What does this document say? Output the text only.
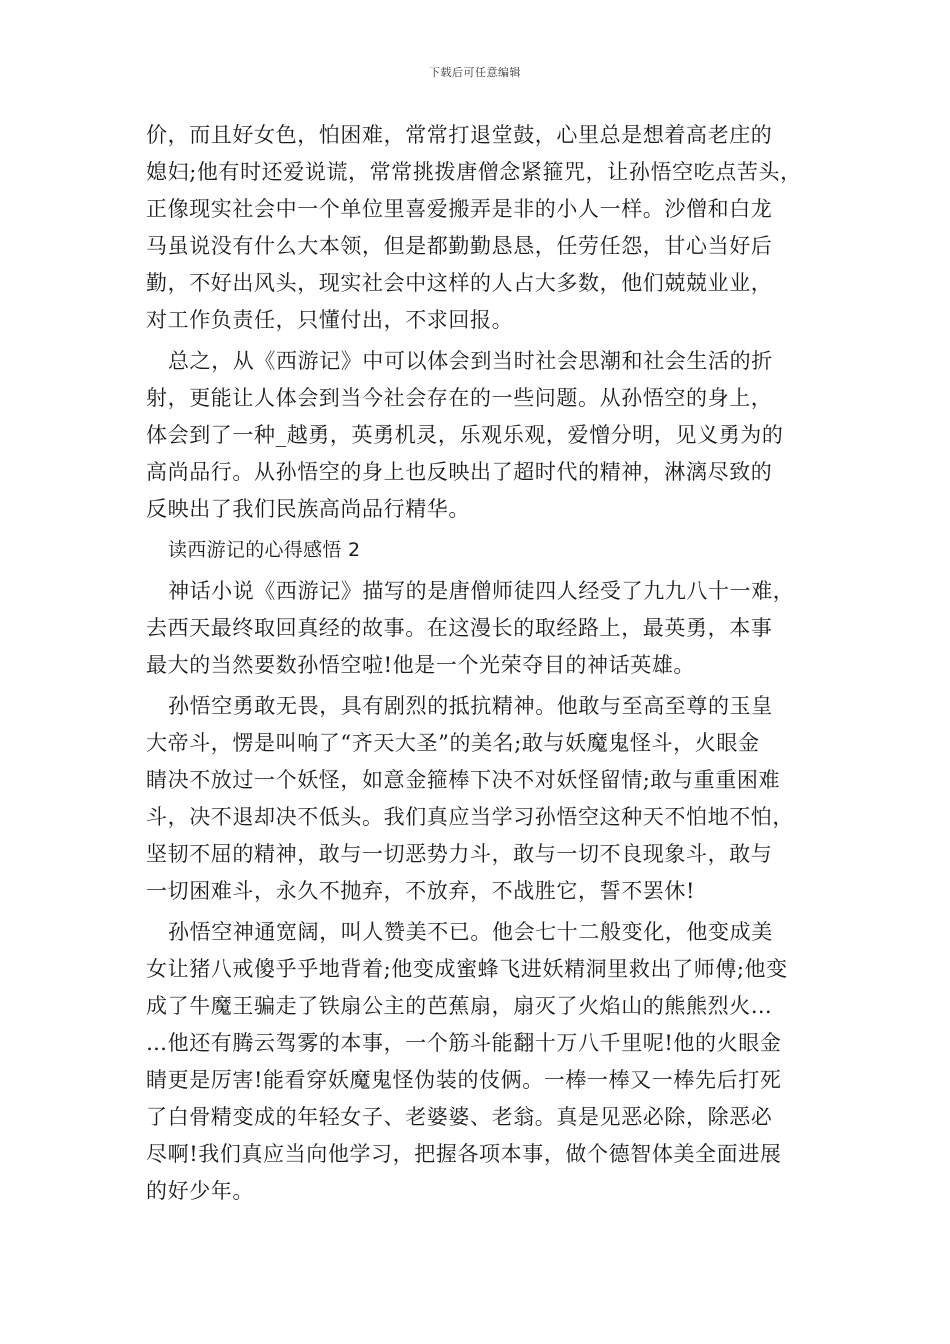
下载后可任意编辑
价，而且好女色，怕困难，常常打退堂鼓，心里总是想着高老庄的
媳妇;他有时还爱说谎，常常挑拨唐僧念紧箍咒，让孙悟空吃点苦头，
正像现实社会中一个单位里喜爱搬弄是非的小人一样。沙僧和白龙
马虽说没有什么大本领，但是都勤勤恳恳，任劳任怨，甘心当好后
勤，不好出风头，现实社会中这样的人占大多数，他们兢兢业业，
对工作负责任，只懂付出，不求回报。
总之，从《西游记》中可以体会到当时社会思潮和社会生活的折
射，更能让人体会到当今社会存在的一些问题。从孙悟空的身上，
体会到了一种_越勇，英勇机灵，乐观乐观，爱憎分明，见义勇为的
高尚品行。从孙悟空的身上也反映出了超时代的精神，淋漓尽致的
反映出了我们民族高尚品行精华。
读西游记的心得感悟 2
神话小说《西游记》描写的是唐僧师徒四人经受了九九八十一难，
去西天最终取回真经的故事。在这漫长的取经路上，最英勇，本事
最大的当然要数孙悟空啦!他是一个光荣夺目的神话英雄。
孙悟空勇敢无畏，具有剧烈的抵抗精神。他敢与至高至尊的玉皇
大帝斗，愣是叫响了“齐天大圣”的美名;敢与妖魔鬼怪斗，火眼金
睛决不放过一个妖怪，如意金箍棒下决不对妖怪留情;敢与重重困难
斗，决不退却决不低头。我们真应当学习孙悟空这种天不怕地不怕，
坚韧不屈的精神，敢与一切恶势力斗，敢与一切不良现象斗，敢与
一切困难斗，永久不抛弃，不放弃，不战胜它，誓不罢休!
孙悟空神通宽阔，叫人赞美不已。他会七十二般变化，他变成美
女让猪八戒傻乎乎地背着;他变成蜜蜂飞进妖精洞里救出了师傅;他变
成了牛魔王骗走了铁扇公主的芭蕉扇，扇灭了火焰山的熊熊烈火…
…他还有腾云驾雾的本事，一个筋斗能翻十万八千里呢!他的火眼金
睛更是厉害!能看穿妖魔鬼怪伪装的伎俩。一棒一棒又一棒先后打死
了白骨精变成的年轻女子、老婆婆、老翁。真是见恶必除，除恶必
尽啊!我们真应当向他学习，把握各项本事，做个德智体美全面进展
的好少年。
